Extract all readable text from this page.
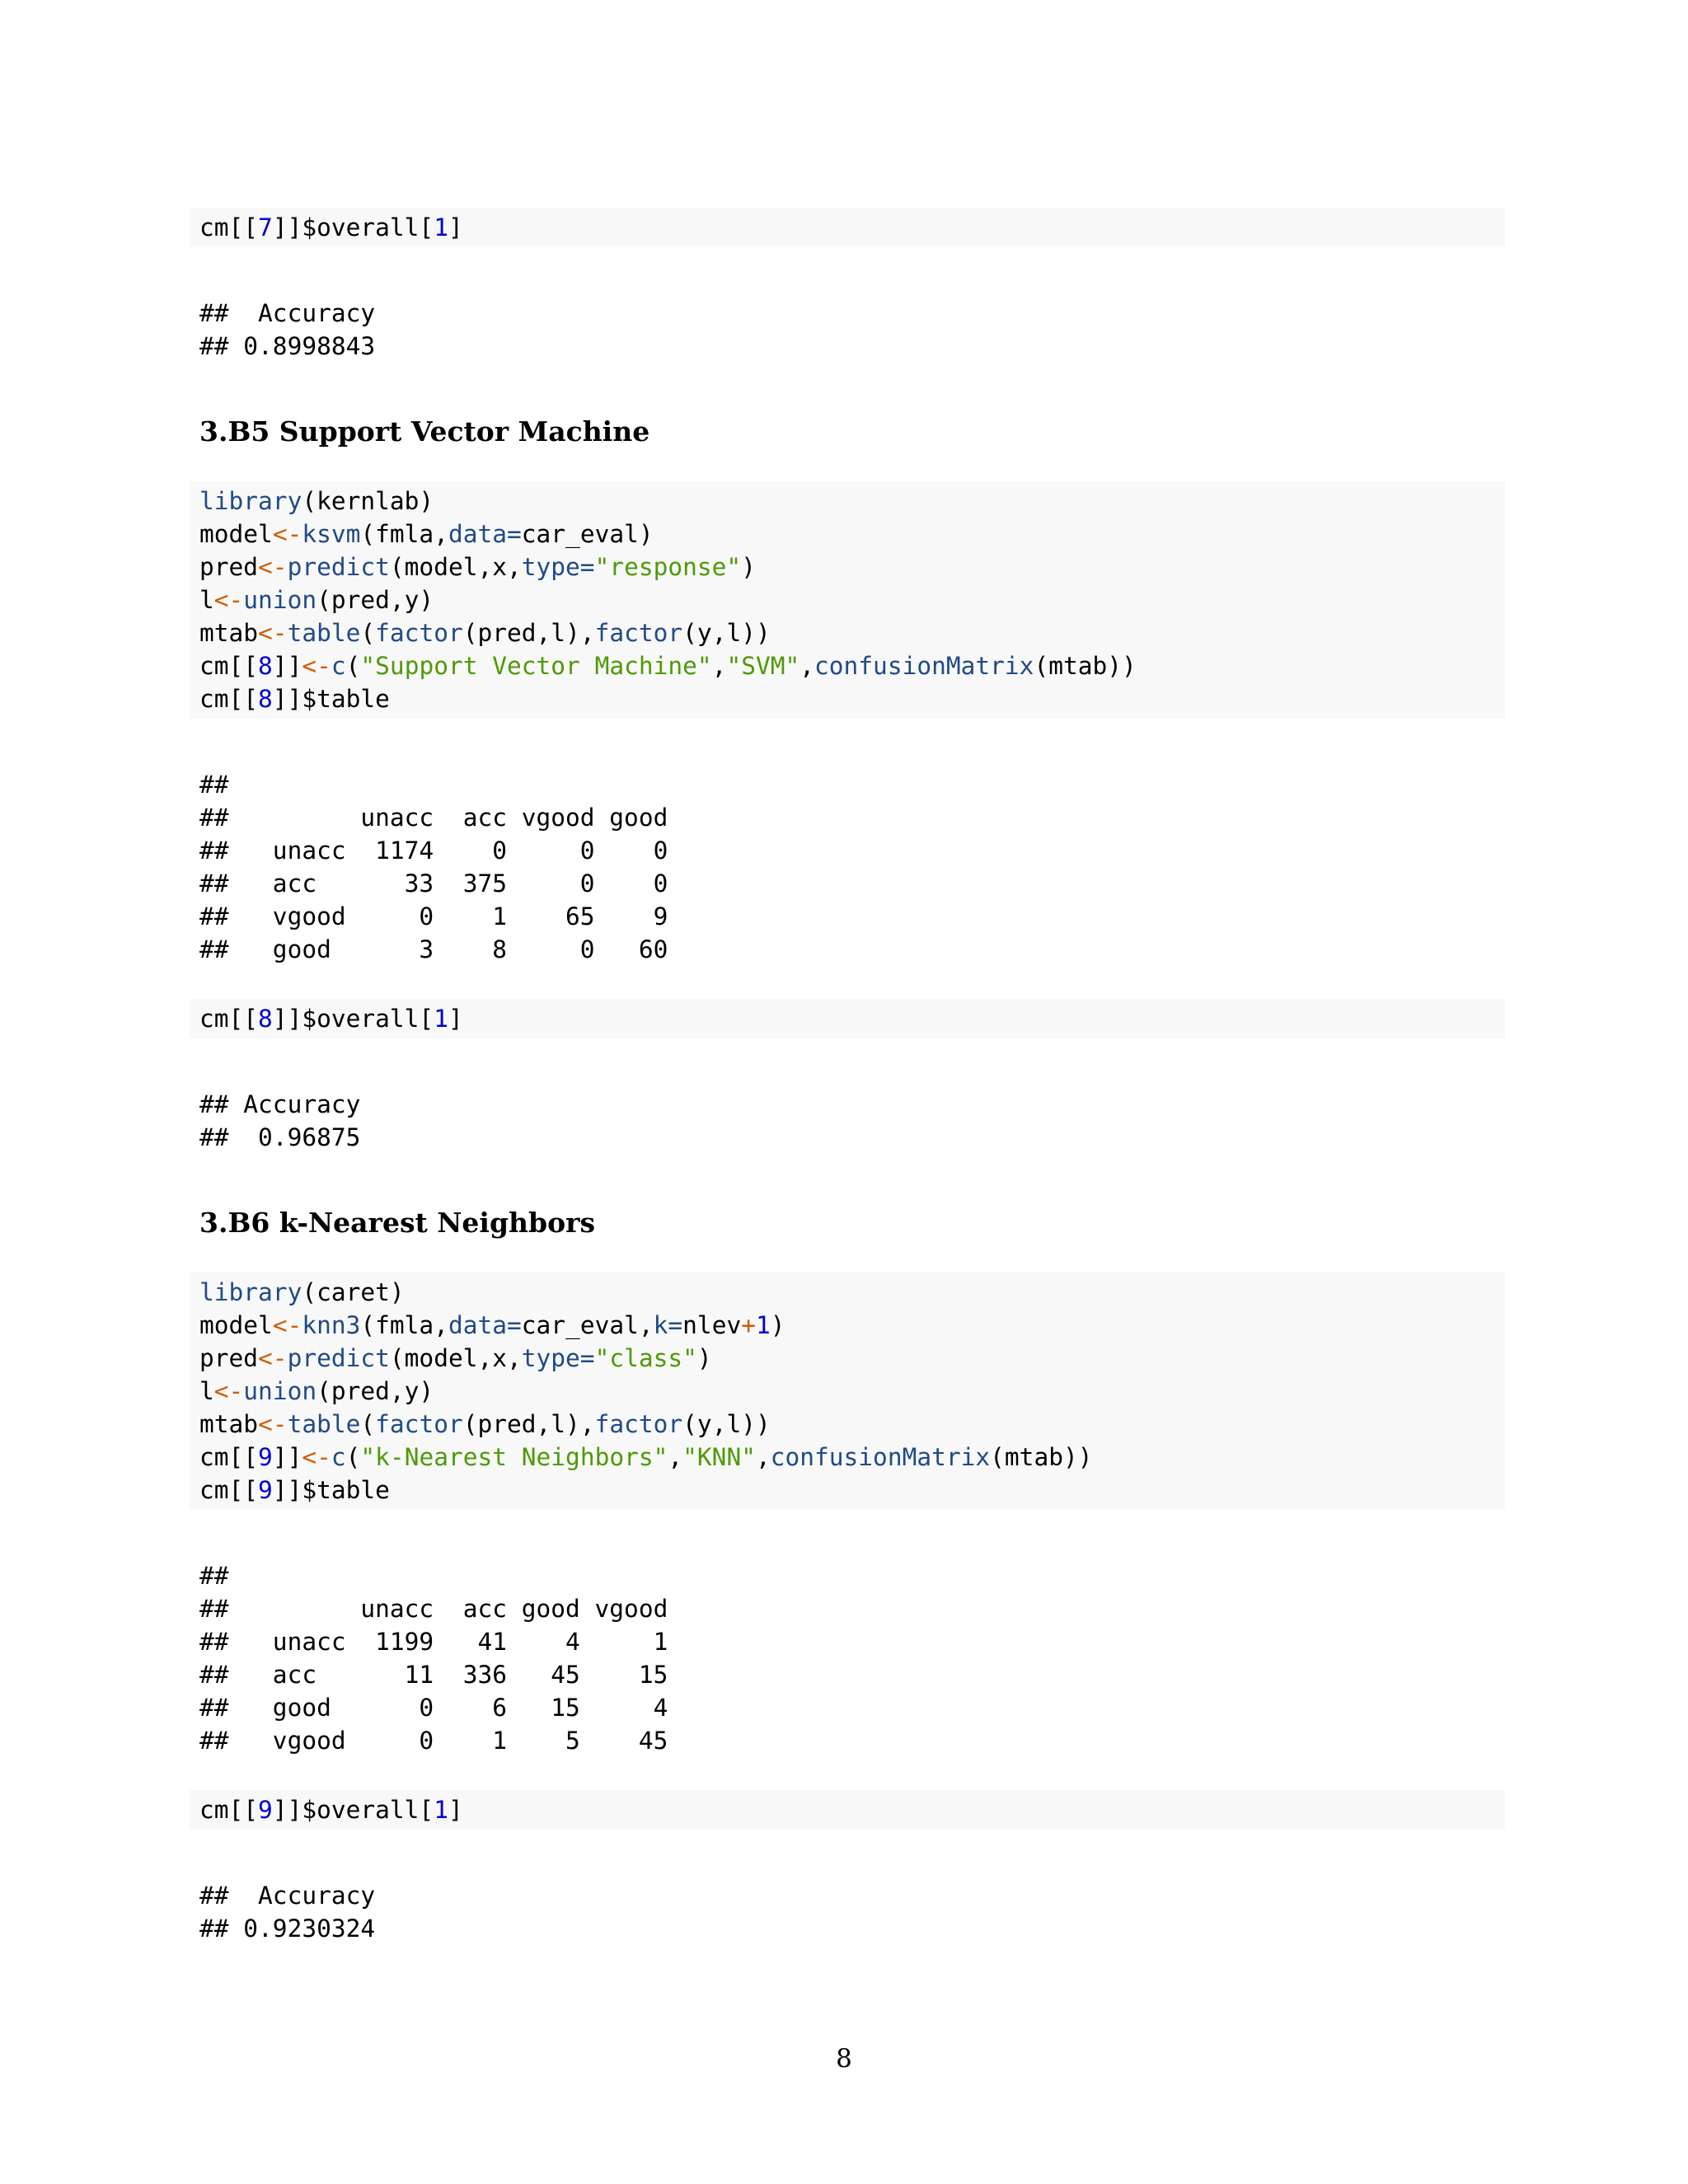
cm[[7]]$overall[1]
##  Accuracy
## 0.8998843
3.B5 Support Vector Machine
library(kernlab)
model<-ksvm(fmla,data=car_eval)
pred<-predict(model,x,type="response")
l<-union(pred,y)
mtab<-table(factor(pred,l),factor(y,l))
cm[[8]]<-c("Support Vector Machine","SVM",confusionMatrix(mtab))
cm[[8]]$table
##
##         unacc  acc vgood good
##   unacc  1174    0     0    0
##   acc      33  375     0    0
##   vgood     0    1    65    9
##   good      3    8     0   60
cm[[8]]$overall[1]
## Accuracy
##  0.96875
3.B6 k-Nearest Neighbors
library(caret)
model<-knn3(fmla,data=car_eval,k=nlev+1)
pred<-predict(model,x,type="class")
l<-union(pred,y)
mtab<-table(factor(pred,l),factor(y,l))
cm[[9]]<-c("k-Nearest Neighbors","KNN",confusionMatrix(mtab))
cm[[9]]$table
##
##         unacc  acc good vgood
##   unacc  1199   41    4     1
##   acc      11  336   45    15
##   good      0    6   15     4
##   vgood     0    1    5    45
cm[[9]]$overall[1]
##  Accuracy
## 0.9230324
8
